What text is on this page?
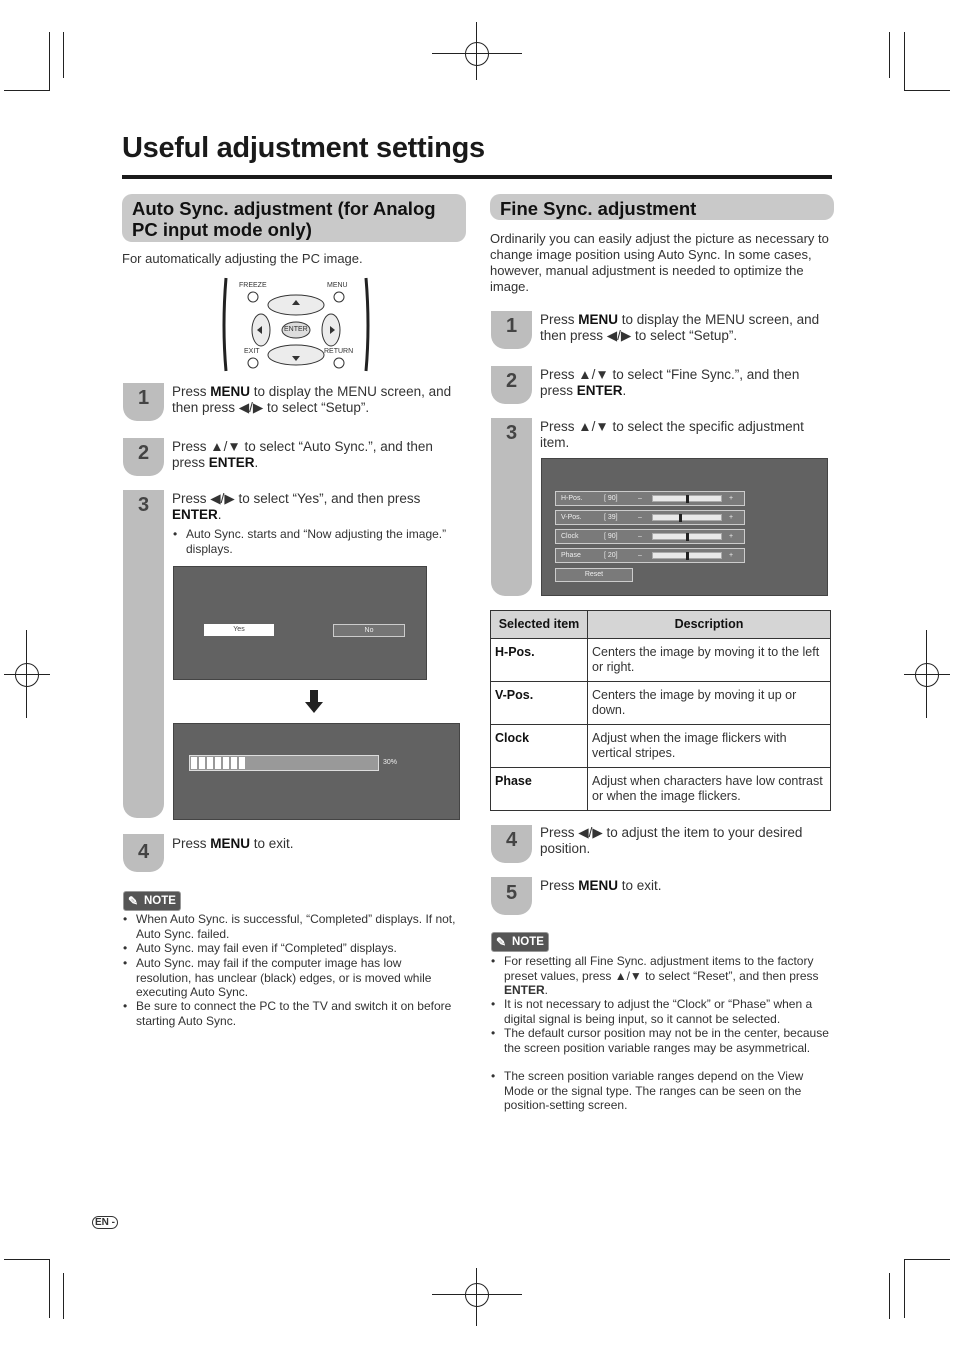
Useful adjustment settings
Auto Sync. adjustment (for Analog PC input mode only)
For automatically adjusting the PC image.
FREEZE	MENU
ENTER
EXIT	RETURN
1	Press MENU to display the MENU screen, and then press ◀/▶ to select “Setup”.
2	Press ▲/▼ to select “Auto Sync.”, and then press ENTER.
3	Press ◀/▶ to select “Yes”, and then press ENTER.
• Auto Sync. starts and “Now adjusting the image.” displays.
Yes	No
30%
4	Press MENU to exit.
✎ NOTE
• When Auto Sync. is successful, “Completed” displays. If not, Auto Sync. failed.
• Auto Sync. may fail even if “Completed” displays.
• Auto Sync. may fail if the computer image has low resolution, has unclear (black) edges, or is moved while executing Auto Sync.
• Be sure to connect the PC to the TV and switch it on before starting Auto Sync.
Fine Sync. adjustment
Ordinarily you can easily adjust the picture as necessary to change image position using Auto Sync. In some cases, however, manual adjustment is needed to optimize the image.
1	Press MENU to display the MENU screen, and then press ◀/▶ to select “Setup”.
2	Press ▲/▼ to select “Fine Sync.”, and then press ENTER.
3	Press ▲/▼ to select the specific adjustment item.
H-Pos.	[ 90]	–	+
V-Pos.	[ 39]	–	+
Clock	[ 90]	–	+
Phase	[ 20]	–	+
Reset
Selected item	Description
H-Pos.	Centers the image by moving it to the left or right.
V-Pos.	Centers the image by moving it up or down.
Clock	Adjust when the image flickers with vertical stripes.
Phase	Adjust when characters have low contrast or when the image flickers.
4	Press ◀/▶ to adjust the item to your desired position.
5	Press MENU to exit.
✎ NOTE
• For resetting all Fine Sync. adjustment items to the factory preset values, press ▲/▼ to select “Reset”, and then press ENTER.
• It is not necessary to adjust the “Clock” or “Phase” when a digital signal is being input, so it cannot be selected.
• The default cursor position may not be in the center, because the screen position variable ranges may be asymmetrical.
• The screen position variable ranges depend on the View Mode or the signal type. The ranges can be seen on the position-setting screen.
EN -
